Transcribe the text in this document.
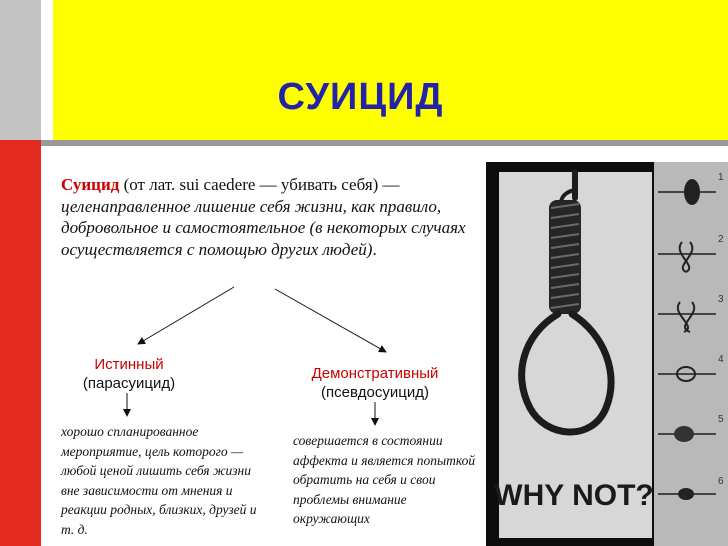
СУИЦИД

Суицид (от лат. sui caedere — убивать себя) — целенаправленное лишение себя жизни, как правило, добровольное и самостоятельное (в некоторых случаях осуществляется с помощью других людей).

Истинный
(парасуицид)
Демонстративный
(псевдосуицид)

хорошо спланированное мероприятие, цель которого — любой ценой лишить себя жизни вне зависимости от мнения и реакции родных, близких, друзей и т. д.

совершается в состоянии аффекта и является попыткой обратить на себя и свои проблемы внимание окружающих

WHY NOT?
1
2
3
4
5
6
